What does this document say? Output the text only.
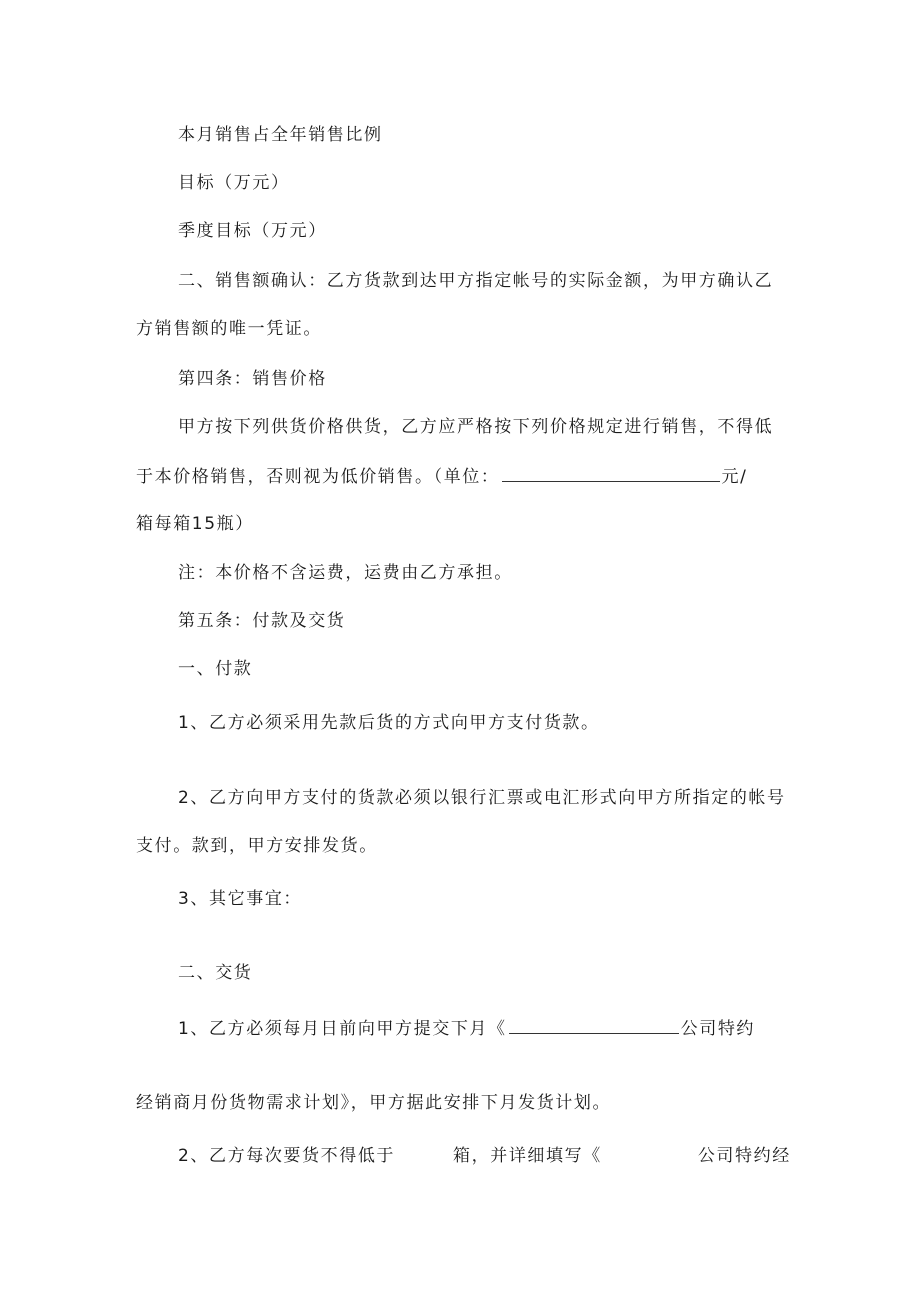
本月销售占全年销售比例
目标（万元）
季度目标（万元）
二、销售额确认：乙方货款到达甲方指定帐号的实际金额，为甲方确认乙
方销售额的唯一凭证。
第四条：销售价格
甲方按下列供货价格供货，乙方应严格按下列价格规定进行销售，不得低
于本价格销售，否则视为低价销售。（单位：	元/
箱每箱15瓶）
注：本价格不含运费，运费由乙方承担。
第五条：付款及交货
一、付款
1、乙方必须采用先款后货的方式向甲方支付货款。
2、乙方向甲方支付的货款必须以银行汇票或电汇形式向甲方所指定的帐号
支付。款到，甲方安排发货。
3、其它事宜：
二、交货
1、乙方必须每月日前向甲方提交下月《	公司特约
经销商月份货物需求计划》，甲方据此安排下月发货计划。
2、乙方每次要货不得低于	箱，并详细填写《	公司特约经
